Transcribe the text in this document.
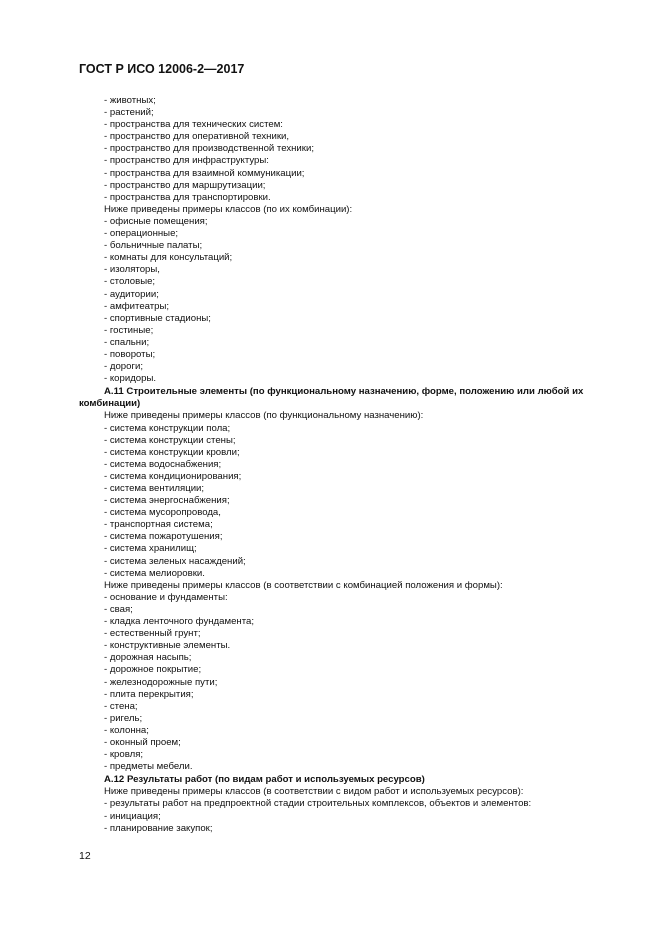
ГОСТ Р ИСО 12006-2—2017
- животных;
- растений;
- пространства для технических систем:
- пространство для оперативной техники,
- пространство для производственной техники;
- пространство для инфраструктуры:
- пространства для взаимной коммуникации;
- пространство для маршрутизации;
- пространства для транспортировки.
Ниже приведены примеры классов (по их комбинации):
- офисные помещения;
- операционные;
- больничные палаты;
- комнаты для консультаций;
- изоляторы,
- столовые;
- аудитории;
- амфитеатры;
- спортивные стадионы;
- гостиные;
- спальни;
- повороты;
- дороги;
- коридоры.
А.11 Строительные элементы (по функциональному назначению, форме, положению или любой их комбинации)
Ниже приведены примеры классов (по функциональному назначению):
- система конструкции пола;
- система конструкции стены;
- система конструкции кровли;
- система водоснабжения;
- система кондиционирования;
- система вентиляции;
- система энергоснабжения;
- система мусоропровода,
- транспортная система;
- система пожаротушения;
- система хранилищ;
- система зеленых насаждений;
- система мелиоровки.
Ниже приведены примеры классов (в соответствии с комбинацией положения и формы):
- основание и фундаменты:
- свая;
- кладка ленточного фундамента;
- естественный грунт;
- конструктивные элементы.
- дорожная насыпь;
- дорожное покрытие;
- железнодорожные пути;
- плита перекрытия;
- стена;
- ригель;
- колонна;
- оконный проем;
- кровля;
- предметы мебели.
А.12 Результаты работ (по видам работ и используемых ресурсов)
Ниже приведены примеры классов (в соответствии с видом работ и используемых ресурсов):
- результаты работ на предпроектной стадии строительных комплексов, объектов и элементов:
- инициация;
- планирование закупок;
12
